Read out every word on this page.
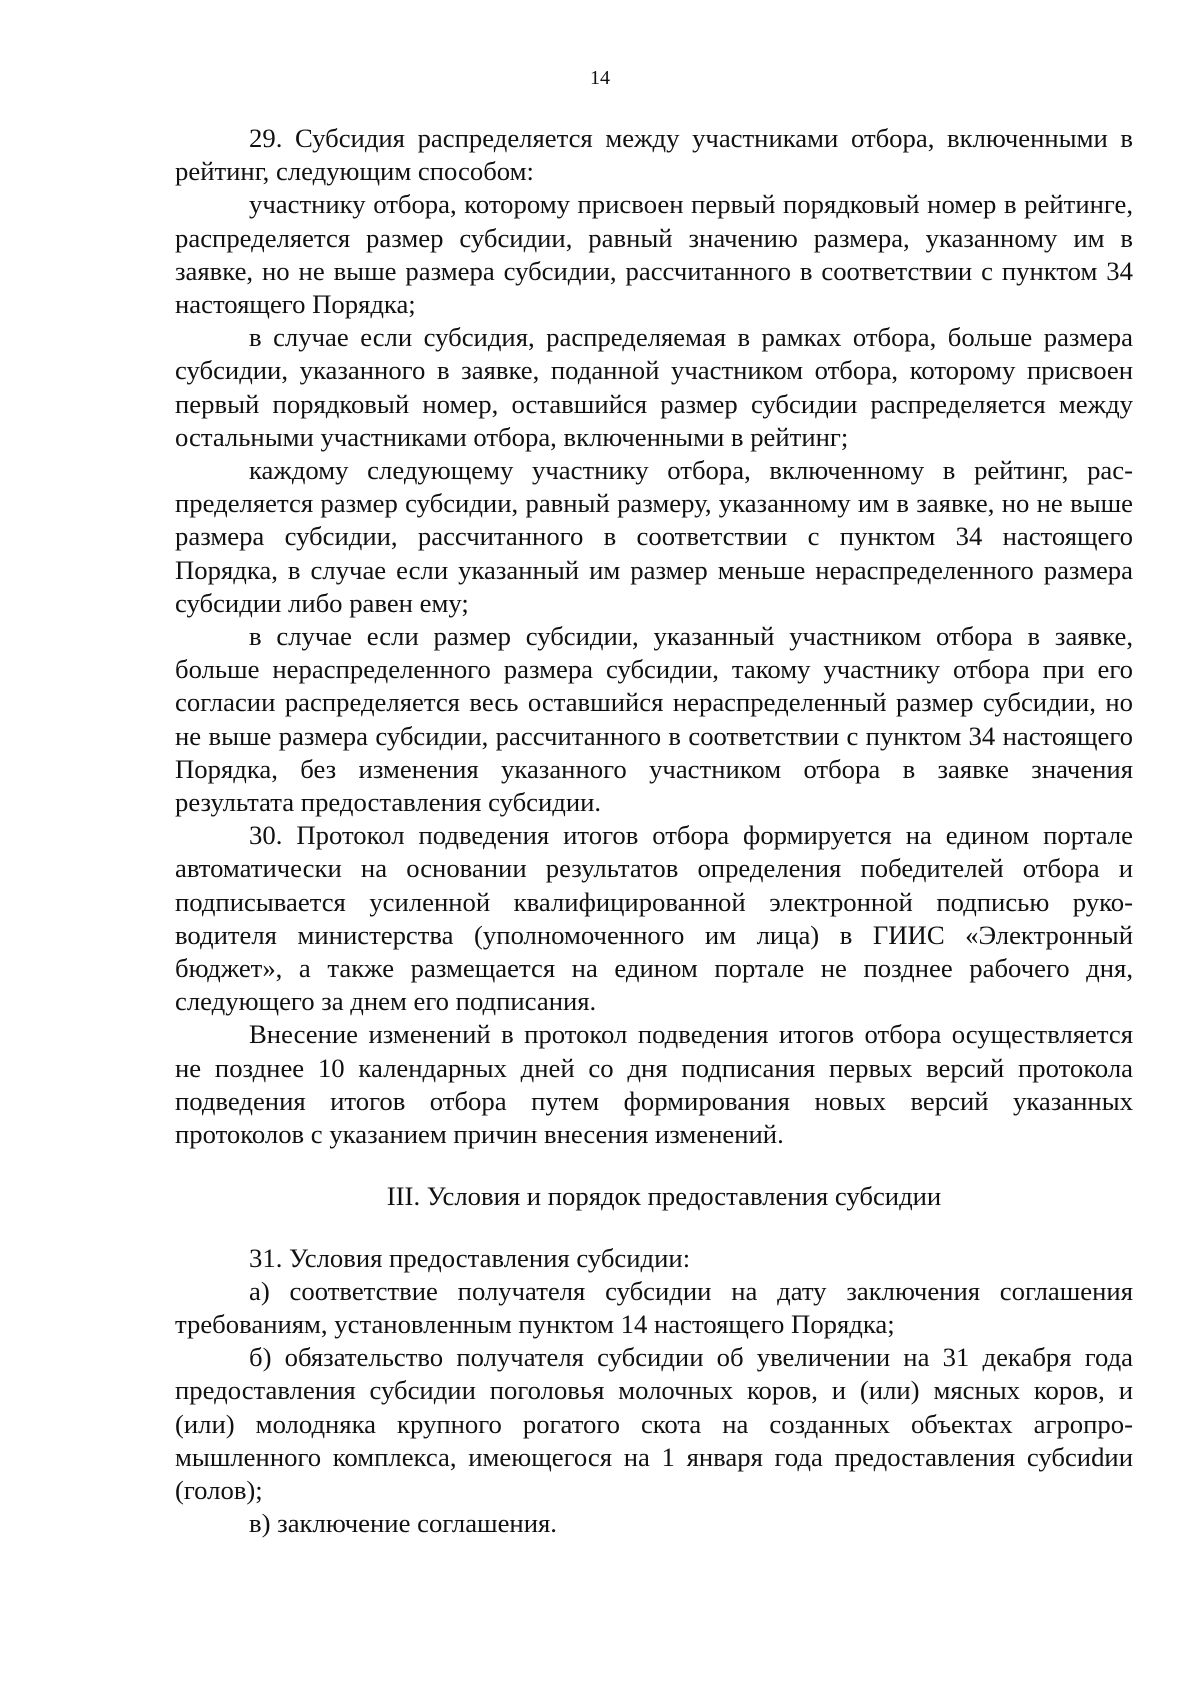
14

29. Субсидия распределяется между участниками отбора, включенными в рейтинг, следующим способом:

участнику отбора, которому присвоен первый порядковый номер в рейтинге, распределяется размер субсидии, равный значению размера, указанному им в заявке, но не выше размера субсидии, рассчитанного в соответствии с пунктом 34 настоящего Порядка;

в случае если субсидия, распределяемая в рамках отбора, больше размера субсидии, указанного в заявке, поданной участником отбора, которому присвоен первый порядковый номер, оставшийся размер субсидии распределяется между остальными участниками отбора, включенными в рейтинг;

каждому следующему участнику отбора, включенному в рейтинг, распределяется размер субсидии, равный размеру, указанному им в заявке, но не выше размера субсидии, рассчитанного в соответствии с пунктом 34 настоящего Порядка, в случае если указанный им размер меньше нераспределенного размера субсидии либо равен ему;

в случае если размер субсидии, указанный участником отбора в заявке, больше нераспределенного размера субсидии, такому участнику отбора при его согласии распределяется весь оставшийся нераспределенный размер субсидии, но не выше размера субсидии, рассчитанного в соответствии с пунктом 34 настоящего Порядка, без изменения указанного участником отбора в заявке значения результата предоставления субсидии.

30. Протокол подведения итогов отбора формируется на едином портале автоматически на основании результатов определения победителей отбора и подписывается усиленной квалифицированной электронной подписью руководителя министерства (уполномоченного им лица) в ГИИС «Электронный бюджет», а также размещается на едином портале не позднее рабочего дня, следующего за днем его подписания.

Внесение изменений в протокол подведения итогов отбора осуществляется не позднее 10 календарных дней со дня подписания первых версий протокола подведения итогов отбора путем формирования новых версий указанных протоколов с указанием причин внесения изменений.

III. Условия и порядок предоставления субсидии

31. Условия предоставления субсидии:

а) соответствие получателя субсидии на дату заключения соглашения требованиям, установленным пунктом 14 настоящего Порядка;

б) обязательство получателя субсидии об увеличении на 31 декабря года предоставления субсидии поголовья молочных коров, и (или) мясных коров, и (или) молодняка крупного рогатого скота на созданных объектах агропромышленного комплекса, имеющегося на 1 января года предоставления субсиdии (голов);

в) заключение соглашения.
